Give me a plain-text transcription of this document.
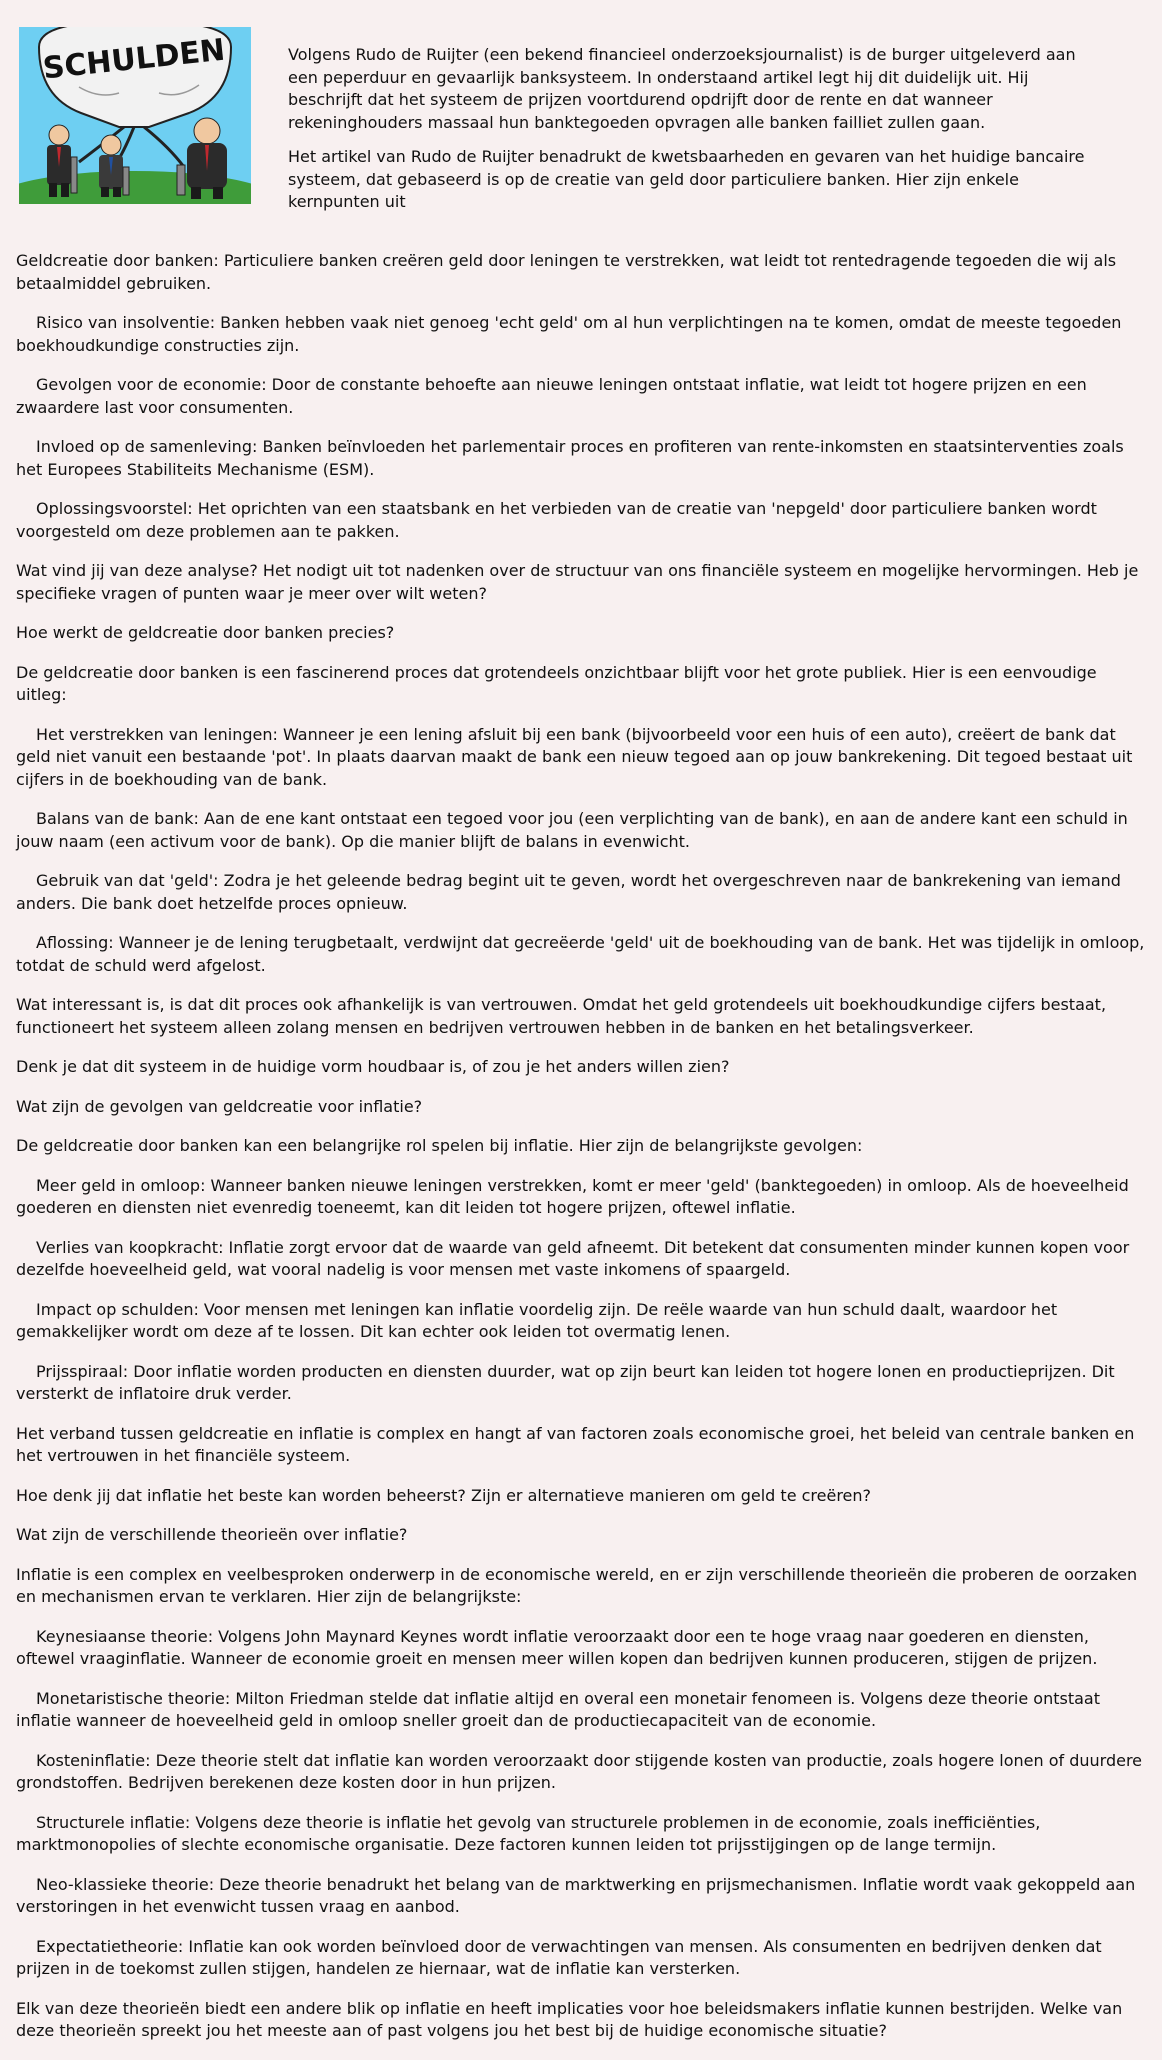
SCHULDEN	Volgens Rudo de Ruijter (een bekend financieel onderzoeksjournalist) is de burger uitgeleverd aan een peperduur en gevaarlijk banksysteem. In onderstaand artikel legt hij dit duidelijk uit. Hij beschrijft dat het systeem de prijzen voortdurend opdrijft door de rente en dat wanneer rekeninghouders massaal hun banktegoeden opvragen alle banken failliet zullen gaan.

Het artikel van Rudo de Ruijter benadrukt de kwetsbaarheden en gevaren van het huidige bancaire systeem, dat gebaseerd is op de creatie van geld door particuliere banken. Hier zijn enkele kernpunten uit

Geldcreatie door banken: Particuliere banken creëren geld door leningen te verstrekken, wat leidt tot rentedragende tegoeden die wij als betaalmiddel gebruiken.

Risico van insolventie: Banken hebben vaak niet genoeg 'echt geld' om al hun verplichtingen na te komen, omdat de meeste tegoeden boekhoudkundige constructies zijn.

Gevolgen voor de economie: Door de constante behoefte aan nieuwe leningen ontstaat inflatie, wat leidt tot hogere prijzen en een zwaardere last voor consumenten.

Invloed op de samenleving: Banken beïnvloeden het parlementair proces en profiteren van rente-inkomsten en staatsinterventies zoals het Europees Stabiliteits Mechanisme (ESM).

Oplossingsvoorstel: Het oprichten van een staatsbank en het verbieden van de creatie van 'nepgeld' door particuliere banken wordt voorgesteld om deze problemen aan te pakken.

Wat vind jij van deze analyse? Het nodigt uit tot nadenken over de structuur van ons financiële systeem en mogelijke hervormingen. Heb je specifieke vragen of punten waar je meer over wilt weten?

Hoe werkt de geldcreatie door banken precies?

De geldcreatie door banken is een fascinerend proces dat grotendeels onzichtbaar blijft voor het grote publiek. Hier is een eenvoudige uitleg:

Het verstrekken van leningen: Wanneer je een lening afsluit bij een bank (bijvoorbeeld voor een huis of een auto), creëert de bank dat geld niet vanuit een bestaande 'pot'. In plaats daarvan maakt de bank een nieuw tegoed aan op jouw bankrekening. Dit tegoed bestaat uit cijfers in de boekhouding van de bank.

Balans van de bank: Aan de ene kant ontstaat een tegoed voor jou (een verplichting van de bank), en aan de andere kant een schuld in jouw naam (een activum voor de bank). Op die manier blijft de balans in evenwicht.

Gebruik van dat 'geld': Zodra je het geleende bedrag begint uit te geven, wordt het overgeschreven naar de bankrekening van iemand anders. Die bank doet hetzelfde proces opnieuw.

Aflossing: Wanneer je de lening terugbetaalt, verdwijnt dat gecreëerde 'geld' uit de boekhouding van de bank. Het was tijdelijk in omloop, totdat de schuld werd afgelost.

Wat interessant is, is dat dit proces ook afhankelijk is van vertrouwen. Omdat het geld grotendeels uit boekhoudkundige cijfers bestaat, functioneert het systeem alleen zolang mensen en bedrijven vertrouwen hebben in de banken en het betalingsverkeer.

Denk je dat dit systeem in de huidige vorm houdbaar is, of zou je het anders willen zien?

Wat zijn de gevolgen van geldcreatie voor inflatie?

De geldcreatie door banken kan een belangrijke rol spelen bij inflatie. Hier zijn de belangrijkste gevolgen:

Meer geld in omloop: Wanneer banken nieuwe leningen verstrekken, komt er meer 'geld' (banktegoeden) in omloop. Als de hoeveelheid goederen en diensten niet evenredig toeneemt, kan dit leiden tot hogere prijzen, oftewel inflatie.

Verlies van koopkracht: Inflatie zorgt ervoor dat de waarde van geld afneemt. Dit betekent dat consumenten minder kunnen kopen voor dezelfde hoeveelheid geld, wat vooral nadelig is voor mensen met vaste inkomens of spaargeld.

Impact op schulden: Voor mensen met leningen kan inflatie voordelig zijn. De reële waarde van hun schuld daalt, waardoor het gemakkelijker wordt om deze af te lossen. Dit kan echter ook leiden tot overmatig lenen.

Prijsspiraal: Door inflatie worden producten en diensten duurder, wat op zijn beurt kan leiden tot hogere lonen en productieprijzen. Dit versterkt de inflatoire druk verder.

Het verband tussen geldcreatie en inflatie is complex en hangt af van factoren zoals economische groei, het beleid van centrale banken en het vertrouwen in het financiële systeem.

Hoe denk jij dat inflatie het beste kan worden beheerst? Zijn er alternatieve manieren om geld te creëren?

Wat zijn de verschillende theorieën over inflatie?

Inflatie is een complex en veelbesproken onderwerp in de economische wereld, en er zijn verschillende theorieën die proberen de oorzaken en mechanismen ervan te verklaren. Hier zijn de belangrijkste:

Keynesiaanse theorie: Volgens John Maynard Keynes wordt inflatie veroorzaakt door een te hoge vraag naar goederen en diensten, oftewel vraaginflatie. Wanneer de economie groeit en mensen meer willen kopen dan bedrijven kunnen produceren, stijgen de prijzen.

Monetaristische theorie: Milton Friedman stelde dat inflatie altijd en overal een monetair fenomeen is. Volgens deze theorie ontstaat inflatie wanneer de hoeveelheid geld in omloop sneller groeit dan de productiecapaciteit van de economie.

Kosteninflatie: Deze theorie stelt dat inflatie kan worden veroorzaakt door stijgende kosten van productie, zoals hogere lonen of duurdere grondstoffen. Bedrijven berekenen deze kosten door in hun prijzen.

Structurele inflatie: Volgens deze theorie is inflatie het gevolg van structurele problemen in de economie, zoals inefficiënties, marktmonopolies of slechte economische organisatie. Deze factoren kunnen leiden tot prijsstijgingen op de lange termijn.

Neo-klassieke theorie: Deze theorie benadrukt het belang van de marktwerking en prijsmechanismen. Inflatie wordt vaak gekoppeld aan verstoringen in het evenwicht tussen vraag en aanbod.

Expectatietheorie: Inflatie kan ook worden beïnvloed door de verwachtingen van mensen. Als consumenten en bedrijven denken dat prijzen in de toekomst zullen stijgen, handelen ze hiernaar, wat de inflatie kan versterken.

Elk van deze theorieën biedt een andere blik op inflatie en heeft implicaties voor hoe beleidsmakers inflatie kunnen bestrijden. Welke van deze theorieën spreekt jou het meeste aan of past volgens jou het best bij de huidige economische situatie?
